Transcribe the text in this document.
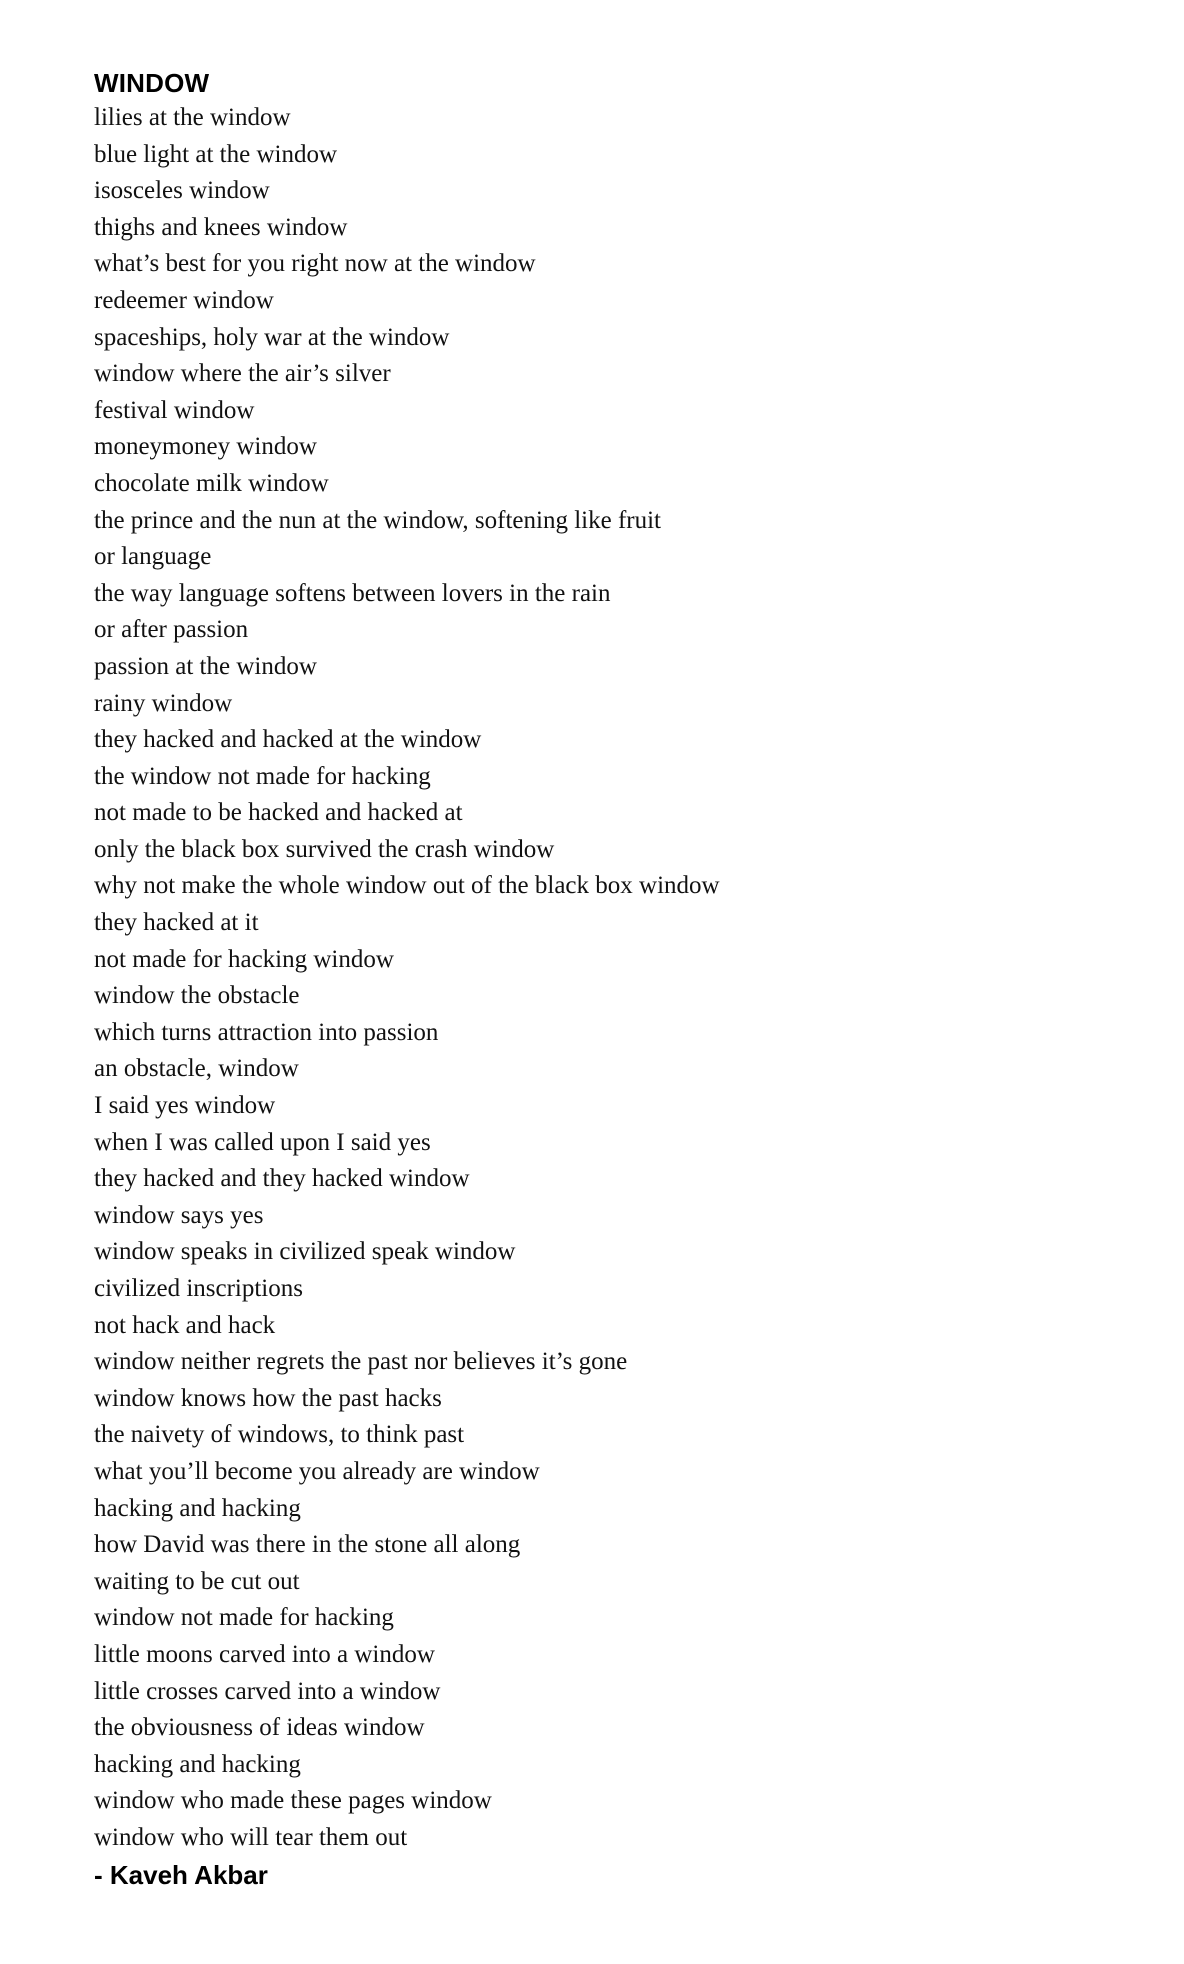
WINDOW
lilies at the window
blue light at the window
isosceles window
thighs and knees window
what’s best for you right now at the window
redeemer window
spaceships, holy war at the window
window where the air’s silver
festival window
moneymoney window
chocolate milk window
the prince and the nun at the window, softening like fruit
or language
the way language softens between lovers in the rain
or after passion
passion at the window
rainy window
they hacked and hacked at the window
the window not made for hacking
not made to be hacked and hacked at
only the black box survived the crash window
why not make the whole window out of the black box window
they hacked at it
not made for hacking window
window the obstacle
which turns attraction into passion
an obstacle, window
I said yes window
when I was called upon I said yes
they hacked and they hacked window
window says yes
window speaks in civilized speak window
civilized inscriptions
not hack and hack
window neither regrets the past nor believes it’s gone
window knows how the past hacks
the naivety of windows, to think past
what you’ll become you already are window
hacking and hacking
how David was there in the stone all along
waiting to be cut out
window not made for hacking
little moons carved into a window
little crosses carved into a window
the obviousness of ideas window
hacking and hacking
window who made these pages window
window who will tear them out

- Kaveh Akbar
